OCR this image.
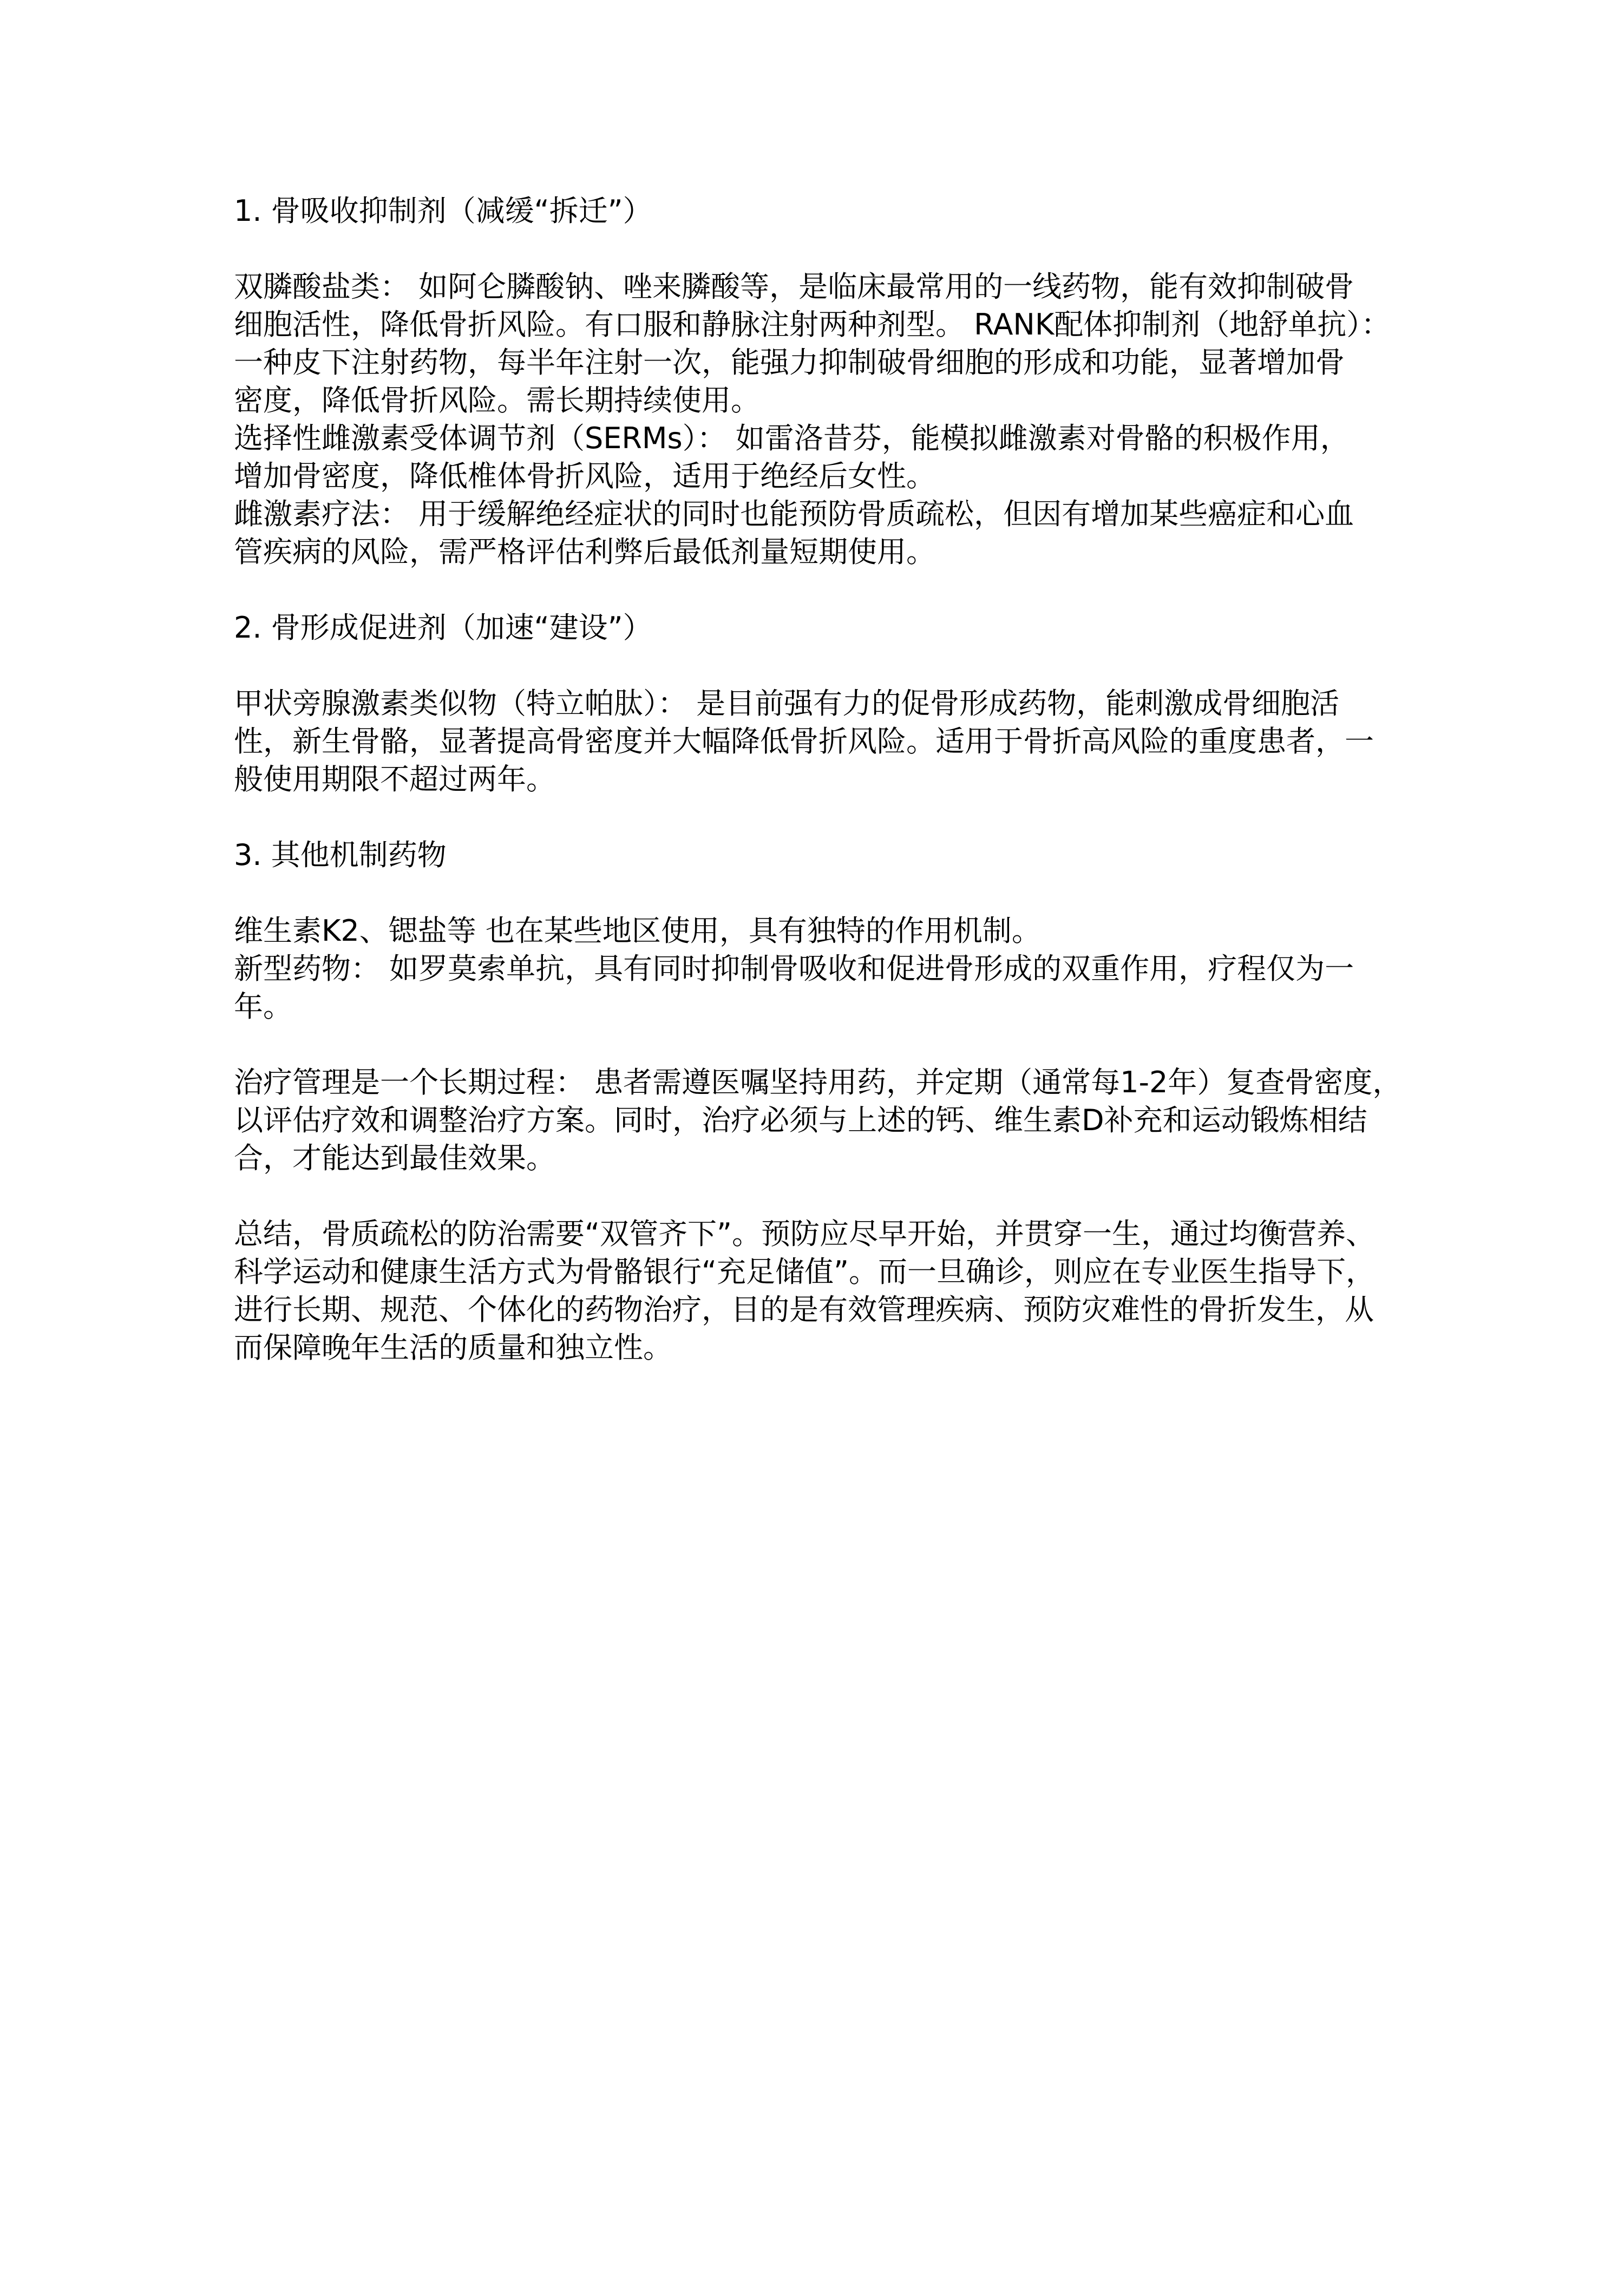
1. 骨吸收抑制剂（减缓“拆迁”）
双膦酸盐类： 如阿仑膦酸钠、唑来膦酸等，是临床最常用的一线药物，能有效抑制破骨
细胞活性，降低骨折风险。有口服和静脉注射两种剂型。 RANK配体抑制剂（地舒单抗）：
一种皮下注射药物，每半年注射一次，能强力抑制破骨细胞的形成和功能，显著增加骨
密度，降低骨折风险。需长期持续使用。
选择性雌激素受体调节剂（SERMs）： 如雷洛昔芬，能模拟雌激素对骨骼的积极作用，
增加骨密度，降低椎体骨折风险，适用于绝经后女性。
雌激素疗法： 用于缓解绝经症状的同时也能预防骨质疏松，但因有增加某些癌症和心血
管疾病的风险，需严格评估利弊后最低剂量短期使用。
2. 骨形成促进剂（加速“建设”）
甲状旁腺激素类似物（特立帕肽）： 是目前强有力的促骨形成药物，能刺激成骨细胞活
性，新生骨骼，显著提高骨密度并大幅降低骨折风险。适用于骨折高风险的重度患者，一
般使用期限不超过两年。
3. 其他机制药物
维生素K2、锶盐等 也在某些地区使用，具有独特的作用机制。
新型药物： 如罗莫索单抗，具有同时抑制骨吸收和促进骨形成的双重作用，疗程仅为一
年。
治疗管理是一个长期过程： 患者需遵医嘱坚持用药，并定期（通常每1-2年）复查骨密度，
以评估疗效和调整治疗方案。同时，治疗必须与上述的钙、维生素D补充和运动锻炼相结
合，才能达到最佳效果。
总结，骨质疏松的防治需要“双管齐下”。预防应尽早开始，并贯穿一生，通过均衡营养、
科学运动和健康生活方式为骨骼银行“充足储值”。而一旦确诊，则应在专业医生指导下，
进行长期、规范、个体化的药物治疗，目的是有效管理疾病、预防灾难性的骨折发生，从
而保障晚年生活的质量和独立性。
